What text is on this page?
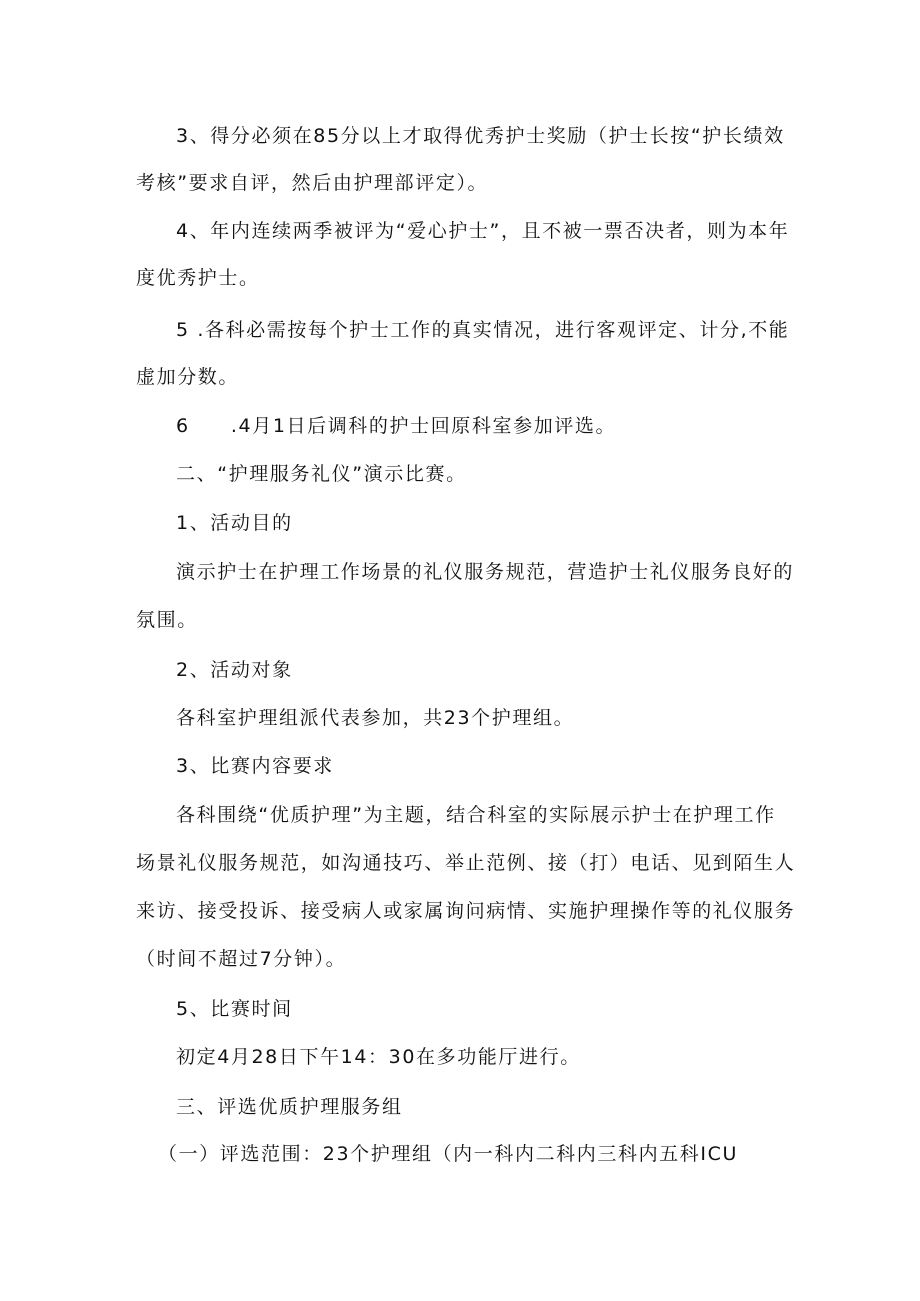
3、得分必须在85分以上才取得优秀护士奖励（护士长按“护长绩效
考核”要求自评，然后由护理部评定）。
4、年内连续两季被评为“爱心护士”，且不被一票否决者，则为本年
度优秀护士。
5 .各科必需按每个护士工作的真实情况，进行客观评定、计分,不能
虚加分数。
6　　.4月1日后调科的护士回原科室参加评选。
二、“护理服务礼仪”演示比赛。
1、活动目的
演示护士在护理工作场景的礼仪服务规范，营造护士礼仪服务良好的
氛围。
2、活动对象
各科室护理组派代表参加，共23个护理组。
3、比赛内容要求
各科围绕“优质护理”为主题，结合科室的实际展示护士在护理工作
场景礼仪服务规范，如沟通技巧、举止范例、接（打）电话、见到陌生人
来访、接受投诉、接受病人或家属询问病情、实施护理操作等的礼仪服务
（时间不超过7分钟）。
5、比赛时间
初定4月28日下午14：30在多功能厅进行。
三、评选优质护理服务组
（一）评选范围：23个护理组（内一科内二科内三科内五科ICU
